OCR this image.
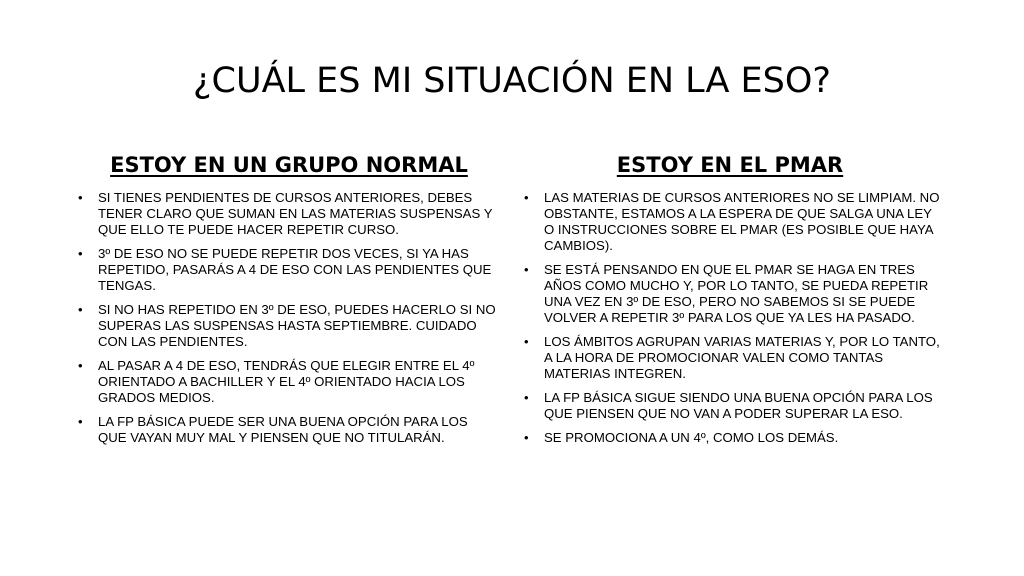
¿CUÁL ES MI SITUACIÓN EN LA ESO?
ESTOY EN UN GRUPO NORMAL
• SI TIENES PENDIENTES DE CURSOS ANTERIORES, DEBES TENER CLARO QUE SUMAN EN LAS MATERIAS SUSPENSAS Y QUE ELLO TE PUEDE HACER REPETIR CURSO.
• 3º DE ESO NO SE PUEDE REPETIR DOS VECES, SI YA HAS REPETIDO, PASARÁS A 4 DE ESO CON LAS PENDIENTES QUE TENGAS.
• SI NO HAS REPETIDO EN 3º DE ESO, PUEDES HACERLO SI NO SUPERAS LAS SUSPENSAS HASTA SEPTIEMBRE. CUIDADO CON LAS PENDIENTES.
• AL PASAR A 4 DE ESO, TENDRÁS QUE ELEGIR ENTRE EL 4º ORIENTADO A BACHILLER Y EL 4º ORIENTADO HACIA LOS GRADOS MEDIOS.
• LA FP BÁSICA PUEDE SER UNA BUENA OPCIÓN PARA LOS QUE VAYAN MUY MAL Y PIENSEN QUE NO TITULARÁN.
ESTOY EN EL PMAR
• LAS MATERIAS DE CURSOS ANTERIORES NO SE LIMPIAM. NO OBSTANTE, ESTAMOS A LA ESPERA DE QUE SALGA UNA LEY O INSTRUCCIONES SOBRE EL PMAR (ES POSIBLE QUE HAYA CAMBIOS).
• SE ESTÁ PENSANDO EN QUE EL PMAR SE HAGA EN TRES AÑOS COMO MUCHO Y, POR LO TANTO, SE PUEDA REPETIR UNA VEZ EN 3º DE ESO, PERO NO SABEMOS SI SE PUEDE VOLVER A REPETIR 3º PARA LOS QUE YA LES HA PASADO.
• LOS ÁMBITOS AGRUPAN VARIAS MATERIAS Y, POR LO TANTO, A LA HORA DE PROMOCIONAR VALEN COMO TANTAS MATERIAS INTEGREN.
• LA FP BÁSICA SIGUE SIENDO UNA BUENA OPCIÓN PARA LOS QUE PIENSEN QUE NO VAN A PODER SUPERAR LA ESO.
• SE PROMOCIONA A UN 4º, COMO LOS DEMÁS.
